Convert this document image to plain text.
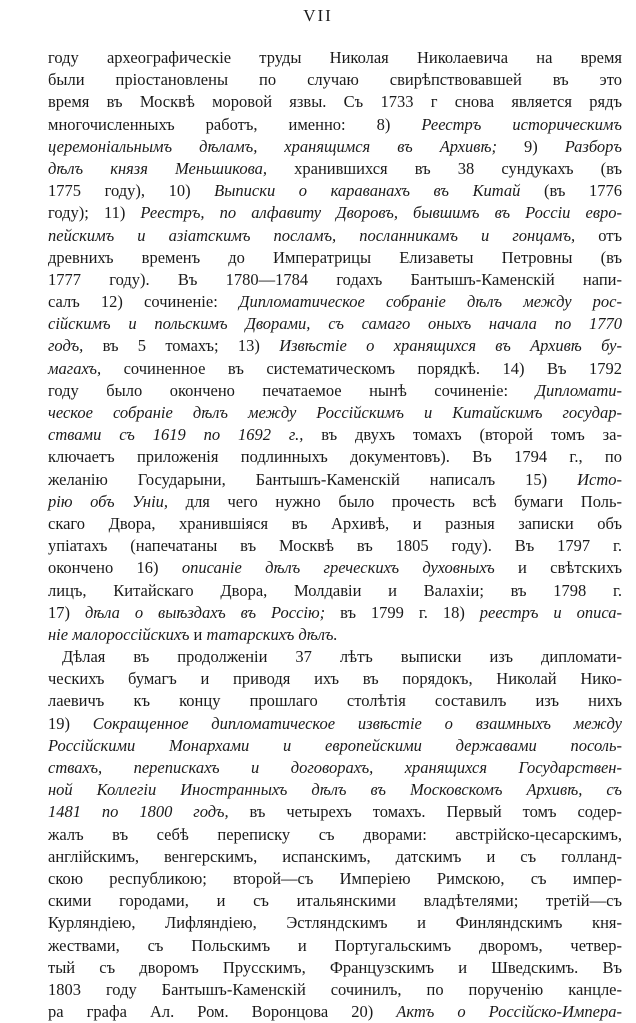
VII
году археографическіе труды Николая Николаевича на время
были пріостановлены по случаю свирѣпствовавшей въ это
время въ Москвѣ моровой язвы. Съ 1733 г снова является рядъ
многочисленныхъ работъ, именно: 8) Реестръ историческимъ
церемоніальнымъ дѣламъ, хранящимся въ Архивѣ; 9) Разборъ
дѣлъ князя Меньшикова, хранившихся въ 38 сундукахъ (въ
1775 году), 10) Выписки о караванахъ въ Китай (въ 1776
году); 11) Реестръ, по алфавиту Дворовъ, бывшимъ въ Россіи евро-
пейскимъ и азіатскимъ посламъ, посланникамъ и гонцамъ, отъ
древнихъ временъ до Императрицы Елизаветы Петровны (въ
1777 году). Въ 1780—1784 годахъ Бантышъ-Каменскій напи-
салъ 12) сочиненіе: Дипломатическое собраніе дѣлъ между рос-
сійскимъ и польскимъ Дворами, съ самаго оныхъ начала по 1770
годъ, въ 5 томахъ; 13) Извѣстіе о хранящихся въ Архивѣ бу-
магахъ, сочиненное въ систематическомъ порядкѣ. 14) Въ 1792
году было окончено печатаемое нынѣ сочиненіе: Дипломати-
ческое собраніе дѣлъ между Россійскимъ и Китайскимъ государ-
ствами съ 1619 по 1692 г., въ двухъ томахъ (второй томъ за-
ключаетъ приложенія подлинныхъ документовъ). Въ 1794 г., по
желанію Государыни, Бантышъ-Каменскій написалъ 15) Исто-
рію объ Уніи, для чего нужно было прочесть всѣ бумаги Поль-
скаго Двора, хранившіяся въ Архивѣ, и разныя записки объ
упіатахъ (напечатаны въ Москвѣ въ 1805 году). Въ 1797 г.
окончено 16) описаніе дѣлъ греческихъ духовныхъ и свѣтскихъ
лицъ, Китайскаго Двора, Молдавіи и Валахіи; въ 1798 г.
17) дѣла о выѣздахъ въ Россію; въ 1799 г. 18) реестръ и описа-
ніе малороссійскихъ и татарскихъ дѣлъ.
Дѣлая въ продолженіи 37 лѣтъ выписки изъ дипломати-
ческихъ бумагъ и приводя ихъ въ порядокъ, Николай Нико-
лаевичъ къ концу прошлаго столѣтія составилъ изъ нихъ
19) Сокращенное дипломатическое извѣстіе о взаимныхъ между
Россійскими Монархами и европейскими державами посоль-
ствахъ, перепискахъ и договорахъ, хранящихся Государствен-
ной Коллегіи Иностранныхъ дѣлъ въ Московскомъ Архивѣ, съ
1481 по 1800 годъ, въ четырехъ томахъ. Первый томъ содер-
жалъ въ себѣ переписку съ дворами: австрійско-цесарскимъ,
англійскимъ, венгерскимъ, испанскимъ, датскимъ и съ голланд-
скою республикою; второй—съ Имперіею Римскою, съ импер-
скими городами, и съ итальянскими владѣтелями; третій—съ
Курляндіею, Лифляндіею, Эстляндскимъ и Финляндскимъ кня-
жествами, съ Польскимъ и Португальскимъ дворомъ, четвер-
тый съ дворомъ Прусскимъ, Французскимъ и Шведскимъ. Въ
1803 году Бантышъ-Каменскій сочинилъ, по порученію канцле-
ра графа Ал. Ром. Воронцова 20) Актъ о Россійско-Импера-
